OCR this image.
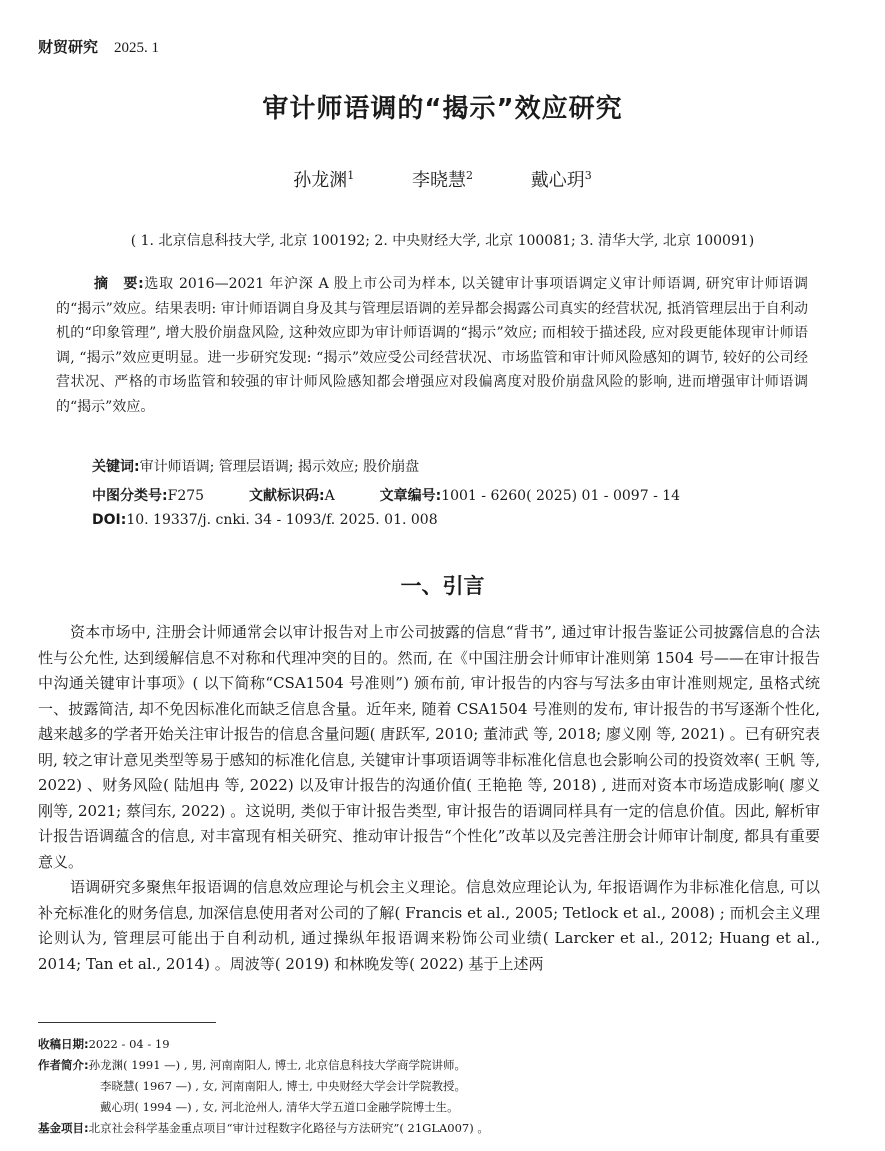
财贸研究 2025. 1
审计师语调的“揭示”效应研究
孙龙渊$^1$	李晓慧$^2$	戴心玥$^3$
( 1. 北京信息科技大学, 北京 100192; 2. 中央财经大学, 北京 100081; 3. 清华大学, 北京 100091)

摘　要:选取 2016—2021 年沪深 A 股上市公司为样本, 以关键审计事项语调定义审计师语调, 研究审计师语调的“揭示”效应。结果表明: 审计师语调自身及其与管理层语调的差异都会揭露公司真实的经营状况, 抵消管理层出于自利动机的“印象管理”, 增大股价崩盘风险, 这种效应即为审计师语调的“揭示”效应; 而相较于描述段, 应对段更能体现审计师语调, “揭示”效应更明显。进一步研究发现: “揭示”效应受公司经营状况、市场监管和审计师风险感知的调节, 较好的公司经营状况、严格的市场监管和较强的审计师风险感知都会增强应对段偏离度对股价崩盘风险的影响, 进而增强审计师语调的“揭示”效应。

关键词:审计师语调; 管理层语调; 揭示效应; 股价崩盘
中图分类号:F275	文献标识码:A	文章编号:1001 - 6260( 2025) 01 - 0097 - 14
DOI:10. 19337/j. cnki. 34 - 1093/f. 2025. 01. 008
一、引言

资本市场中, 注册会计师通常会以审计报告对上市公司披露的信息“背书”, 通过审计报告鉴证公司披露信息的合法性与公允性, 达到缓解信息不对称和代理冲突的目的。然而, 在《中国注册会计师审计准则第 1504 号——在审计报告中沟通关键审计事项》( 以下简称“CSA1504 号准则”) 颁布前, 审计报告的内容与写法多由审计准则规定, 虽格式统一、披露简洁, 却不免因标准化而缺乏信息含量。近年来, 随着 CSA1504 号准则的发布, 审计报告的书写逐渐个性化, 越来越多的学者开始关注审计报告的信息含量问题( 唐跃军, 2010; 董沛武 等, 2018; 廖义刚 等, 2021) 。已有研究表明, 较之审计意见类型等易于感知的标准化信息, 关键审计事项语调等非标准化信息也会影响公司的投资效率( 王帆 等, 2022) 、财务风险( 陆旭冉 等, 2022) 以及审计报告的沟通价值( 王艳艳 等, 2018) , 进而对资本市场造成影响( 廖义刚等, 2021; 蔡闫东, 2022) 。这说明, 类似于审计报告类型, 审计报告的语调同样具有一定的信息价值。因此, 解析审计报告语调蕴含的信息, 对丰富现有相关研究、推动审计报告“个性化”改革以及完善注册会计师审计制度, 都具有重要意义。

语调研究多聚焦年报语调的信息效应理论与机会主义理论。信息效应理论认为, 年报语调作为非标准化信息, 可以补充标准化的财务信息, 加深信息使用者对公司的了解( Francis et al., 2005; Tetlock et al., 2008) ; 而机会主义理论则认为, 管理层可能出于自利动机, 通过操纵年报语调来粉饰公司业绩( Larcker et al., 2012; Huang et al., 2014; Tan et al., 2014) 。周波等( 2019) 和林晚发等( 2022) 基于上述两

收稿日期:2022 - 04 - 19
作者简介:孙龙渊( 1991 —) , 男, 河南南阳人, 博士, 北京信息科技大学商学院讲师。
李晓慧( 1967 —) , 女, 河南南阳人, 博士, 中央财经大学会计学院教授。
戴心玥( 1994 —) , 女, 河北沧州人, 清华大学五道口金融学院博士生。
基金项目:北京社会科学基金重点项目“审计过程数字化路径与方法研究”( 21GLA007) 。
